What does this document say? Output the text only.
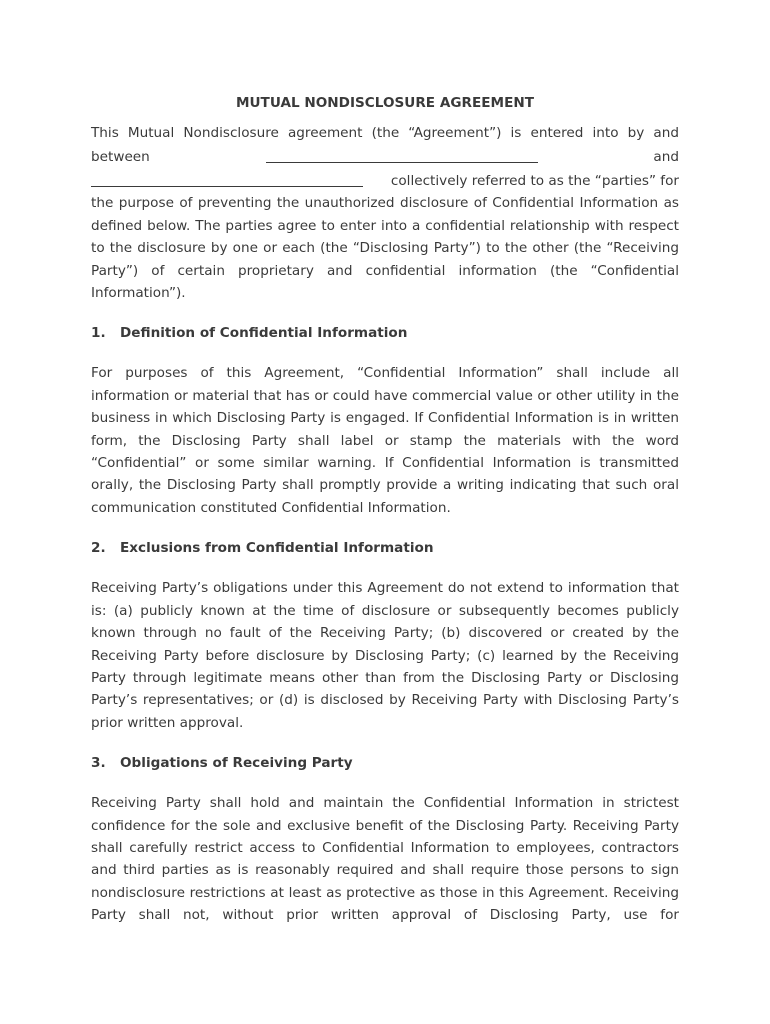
MUTUAL NONDISCLOSURE AGREEMENT

This Mutual Nondisclosure agreement (the “Agreement”) is entered into by and

between	and
collectively referred to as the “parties” for

the purpose of preventing the unauthorized disclosure of Confidential Information as defined below. The parties agree to enter into a confidential relationship with respect to the disclosure by one or each (the “Disclosing Party”) to the other (the “Receiving Party”) of certain proprietary and confidential information (the “Confidential Information”).

1.	Definition of Confidential Information

For purposes of this Agreement, “Confidential Information” shall include all information or material that has or could have commercial value or other utility in the business in which Disclosing Party is engaged. If Confidential Information is in written form, the Disclosing Party shall label or stamp the materials with the word “Confidential” or some similar warning. If Confidential Information is transmitted orally, the Disclosing Party shall promptly provide a writing indicating that such oral communication constituted Confidential Information.

2.	Exclusions from Confidential Information

Receiving Party’s obligations under this Agreement do not extend to information that is: (a) publicly known at the time of disclosure or subsequently becomes publicly known through no fault of the Receiving Party; (b) discovered or created by the Receiving Party before disclosure by Disclosing Party; (c) learned by the Receiving Party through legitimate means other than from the Disclosing Party or Disclosing Party’s representatives; or (d) is disclosed by Receiving Party with Disclosing Party’s prior written approval.

3.	Obligations of Receiving Party

Receiving Party shall hold and maintain the Confidential Information in strictest confidence for the sole and exclusive benefit of the Disclosing Party. Receiving Party shall carefully restrict access to Confidential Information to employees, contractors and third parties as is reasonably required and shall require those persons to sign nondisclosure restrictions at least as protective as those in this Agreement. Receiving Party shall not, without prior written approval of Disclosing Party, use for
